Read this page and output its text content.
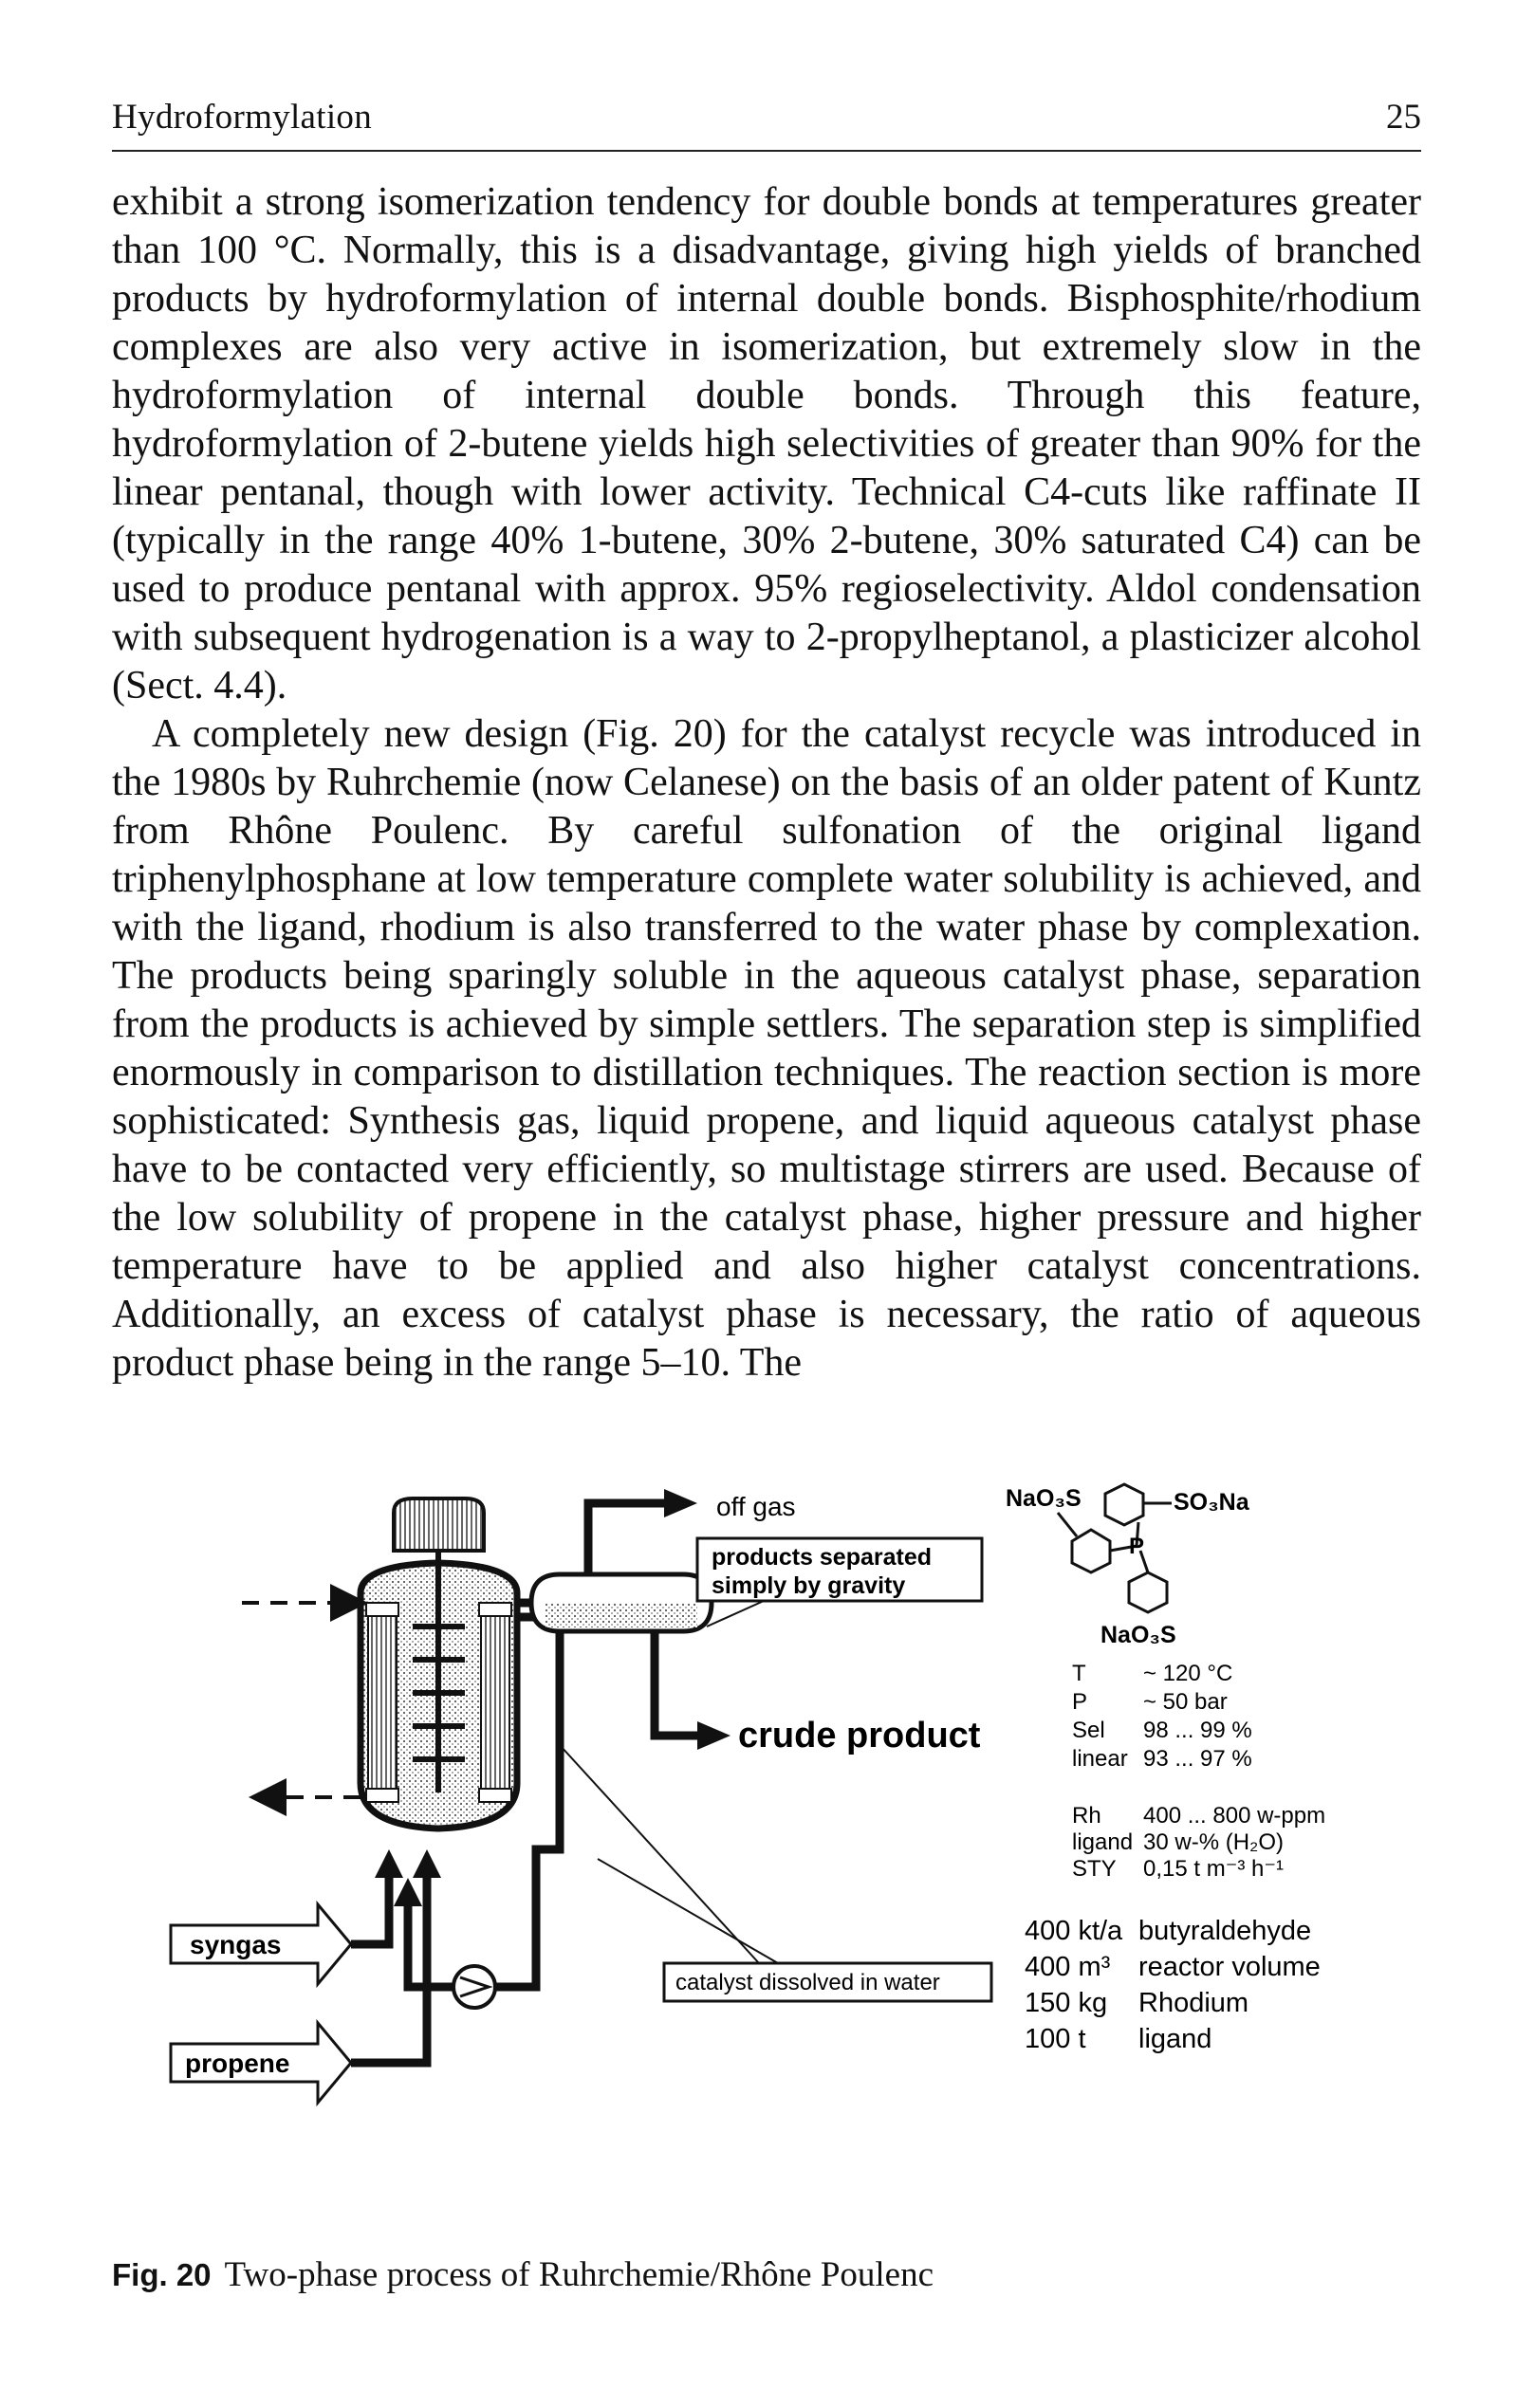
Hydroformylation	25

exhibit a strong isomerization tendency for double bonds at temperatures greater than 100 °C. Normally, this is a disadvantage, giving high yields of branched products by hydroformylation of internal double bonds. Bisphosphite/rhodium complexes are also very active in isomerization, but extremely slow in the hydroformylation of internal double bonds. Through this feature, hydroformylation of 2-butene yields high selectivities of greater than 90% for the linear pentanal, though with lower activity. Technical C4-cuts like raffinate II (typically in the range 40% 1-butene, 30% 2-butene, 30% saturated C4) can be used to produce pentanal with approx. 95% regioselectivity. Aldol condensation with subsequent hydrogenation is a way to 2-propylheptanol, a plasticizer alcohol (Sect. 4.4).

A completely new design (Fig. 20) for the catalyst recycle was introduced in the 1980s by Ruhrchemie (now Celanese) on the basis of an older patent of Kuntz from Rhône Poulenc. By careful sulfonation of the original ligand triphenylphosphane at low temperature complete water solubility is achieved, and with the ligand, rhodium is also transferred to the water phase by complexation. The products being sparingly soluble in the aqueous catalyst phase, separation from the products is achieved by simple settlers. The separation step is simplified enormously in comparison to distillation techniques. The reaction section is more sophisticated: Synthesis gas, liquid propene, and liquid aqueous catalyst phase have to be contacted very efficiently, so multistage stirrers are used. Because of the low solubility of propene in the catalyst phase, higher pressure and higher temperature have to be applied and also higher catalyst concentrations. Additionally, an excess of catalyst phase is necessary, the ratio of aqueous product phase being in the range 5–10. The

off gas
products separated
simply by gravity
crude product
catalyst dissolved in water
syngas
propene
NaO₃S	SO₃Na
P
NaO₃S
T	~ 120 °C
P ~ 50 bar
Sel 98 ... 99 %
linear 93 ... 97 %
Rh 400 ... 800 w-ppm
ligand 30 w-% (H₂O)
STY 0,15 t m⁻³ h⁻¹
400 kt/a butyraldehyde
400 m³ reactor volume
150 kg Rhodium
100 t ligand
Fig. 20 Two-phase process of Ruhrchemie/Rhône Poulenc
